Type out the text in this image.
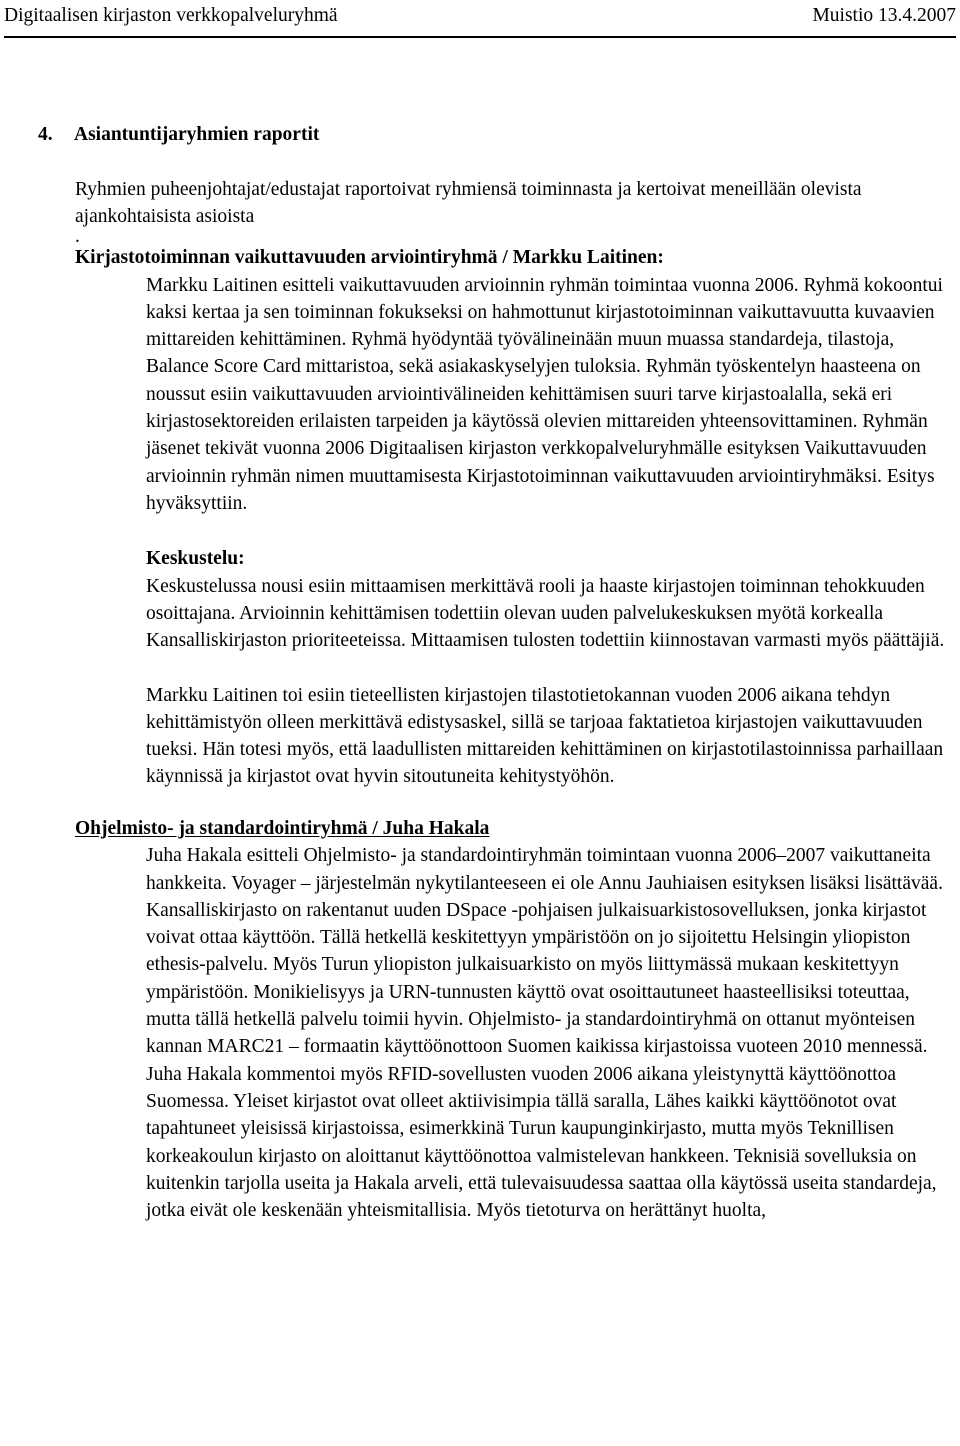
Digitaalisen kirjaston verkkopalveluryhmä	Muistio 13.4.2007
4.	Asiantuntijaryhmien raportit

Ryhmien puheenjohtajat/edustajat raportoivat ryhmiensä toiminnasta ja kertoivat meneillään olevista ajankohtaisista asioista

.

Kirjastotoiminnan vaikuttavuuden arviointiryhmä / Markku Laitinen:

Markku Laitinen esitteli vaikuttavuuden arvioinnin ryhmän toimintaa vuonna 2006. Ryhmä kokoontui kaksi kertaa ja sen toiminnan fokukseksi on hahmottunut kirjastotoiminnan vaikuttavuutta kuvaavien mittareiden kehittäminen. Ryhmä hyödyntää työvälineinään muun muassa standardeja, tilastoja, Balance Score Card mittaristoa, sekä asiakaskyselyjen tuloksia. Ryhmän työskentelyn haasteena on noussut esiin vaikuttavuuden arviointivälineiden kehittämisen suuri tarve kirjastoalalla, sekä eri kirjastosektoreiden erilaisten tarpeiden ja käytössä olevien mittareiden yhteensovittaminen. Ryhmän jäsenet tekivät vuonna 2006 Digitaalisen kirjaston verkkopalveluryhmälle esityksen Vaikuttavuuden arvioinnin ryhmän nimen muuttamisesta Kirjastotoiminnan vaikuttavuuden arviointiryhmäksi. Esitys hyväksyttiin.

Keskustelu:

Keskustelussa nousi esiin mittaamisen merkittävä rooli ja haaste kirjastojen toiminnan tehokkuuden osoittajana. Arvioinnin kehittämisen todettiin olevan uuden palvelukeskuksen myötä korkealla Kansalliskirjaston prioriteeteissa. Mittaamisen tulosten todettiin kiinnostavan varmasti myös päättäjiä.

Markku Laitinen toi esiin tieteellisten kirjastojen tilastotietokannan vuoden 2006 aikana tehdyn kehittämistyön olleen merkittävä edistysaskel, sillä se tarjoaa faktatietoa kirjastojen vaikuttavuuden tueksi. Hän totesi myös, että laadullisten mittareiden kehittäminen on kirjastotilastoinnissa parhaillaan käynnissä ja kirjastot ovat hyvin sitoutuneita kehitystyöhön.

Ohjelmisto- ja standardointiryhmä / Juha Hakala

Juha Hakala esitteli Ohjelmisto- ja standardointiryhmän toimintaan vuonna 2006–2007 vaikuttaneita hankkeita. Voyager – järjestelmän nykytilanteeseen ei ole Annu Jauhiaisen esityksen lisäksi lisättävää. Kansalliskirjasto on rakentanut uuden DSpace -pohjaisen julkaisuarkistosovelluksen, jonka kirjastot voivat ottaa käyttöön. Tällä hetkellä keskitettyyn ympäristöön on jo sijoitettu Helsingin yliopiston ethesis-palvelu. Myös Turun yliopiston julkaisuarkisto on myös liittymässä mukaan keskitettyyn ympäristöön. Monikielisyys ja URN-tunnusten käyttö ovat osoittautuneet haasteellisiksi toteuttaa, mutta tällä hetkellä palvelu toimii hyvin. Ohjelmisto- ja standardointiryhmä on ottanut myönteisen kannan MARC21 – formaatin käyttöönottoon Suomen kaikissa kirjastoissa vuoteen 2010 mennessä. Juha Hakala kommentoi myös RFID-sovellusten vuoden 2006 aikana yleistynyttä käyttöönottoa Suomessa. Yleiset kirjastot ovat olleet aktiivisimpia tällä saralla, Lähes kaikki käyttöönotot ovat tapahtuneet yleisissä kirjastoissa, esimerkkinä Turun kaupunginkirjasto, mutta myös Teknillisen korkeakoulun kirjasto on aloittanut käyttöönottoa valmistelevan hankkeen. Teknisiä sovelluksia on kuitenkin tarjolla useita ja Hakala arveli, että tulevaisuudessa saattaa olla käytössä useita standardeja, jotka eivät ole keskenään yhteismitallisia. Myös tietoturva on herättänyt huolta,
